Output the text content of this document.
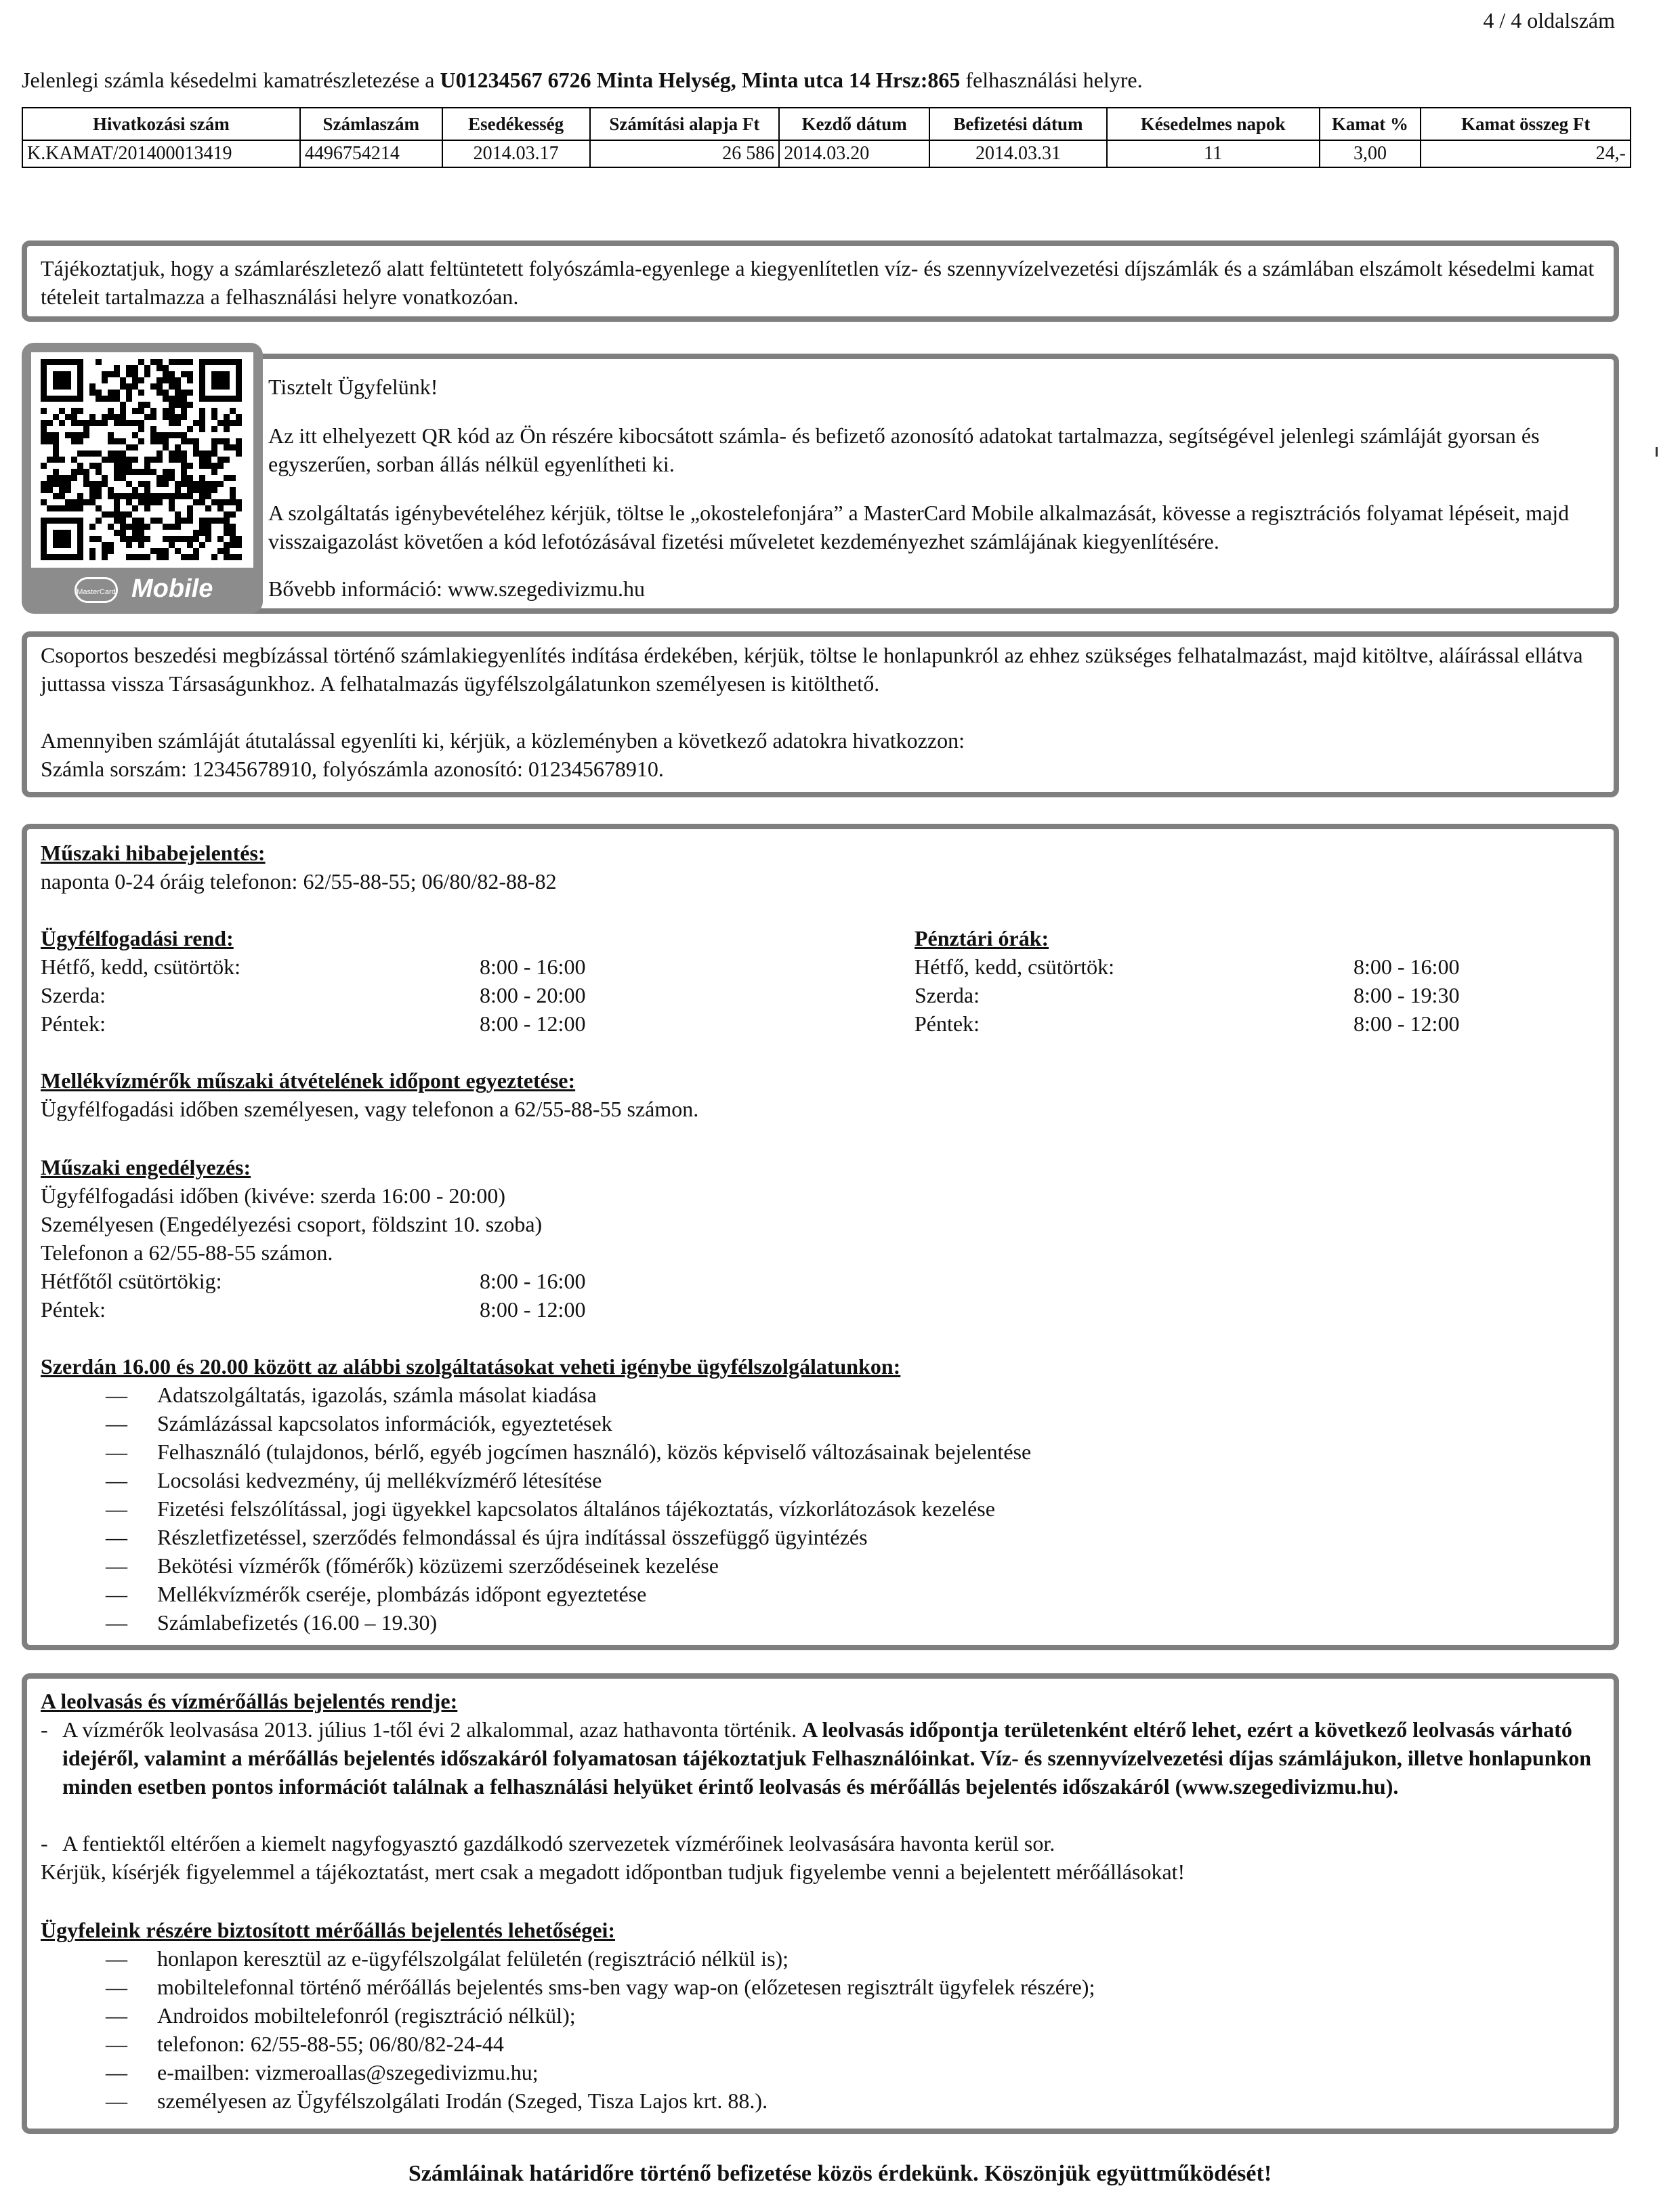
4 / 4 oldalszám
Jelenlegi számla késedelmi kamatrészletezése a U01234567 6726 Minta Helység, Minta utca 14 Hrsz:865 felhasználási helyre.
Hivatkozási szám	Számlaszám	Esedékesség	Számítási alapja Ft	Kezdő dátum	Befizetési dátum	Késedelmes napok	Kamat %	Kamat összeg Ft
K.KAMAT/201400013419	4496754214	2014.03.17	26 586	2014.03.20	2014.03.31	11	3,00	24,-
Tájékoztatjuk, hogy a számlarészletező alatt feltüntetett folyószámla-egyenlege a kiegyenlítetlen víz- és szennyvízelvezetési díjszámlák és a számlában elszámolt késedelmi kamat tételeit tartalmazza a felhasználási helyre vonatkozóan.
Tisztelt Ügyfelünk!
Az itt elhelyezett QR kód az Ön részére kibocsátott számla- és befizető azonosító adatokat tartalmazza, segítségével jelenlegi számláját gyorsan és egyszerűen, sorban állás nélkül egyenlítheti ki.
A szolgáltatás igénybevételéhez kérjük, töltse le „okostelefonjára” a MasterCard Mobile alkalmazását, kövesse a regisztrációs folyamat lépéseit, majd visszaigazolást követően a kód lefotózásával fizetési műveletet kezdeményezhet számlájának kiegyenlítésére.
Bővebb információ: www.szegedivizmu.hu
MasterCard Mobile
Csoportos beszedési megbízással történő számlakiegyenlítés indítása érdekében, kérjük, töltse le honlapunkról az ehhez szükséges felhatalmazást, majd kitöltve, aláírással ellátva juttassa vissza Társaságunkhoz. A felhatalmazás ügyfélszolgálatunkon személyesen is kitölthető.
Amennyiben számláját átutalással egyenlíti ki, kérjük, a közleményben a következő adatokra hivatkozzon:
Számla sorszám: 12345678910, folyószámla azonosító: 012345678910.
Műszaki hibabejelentés:
naponta 0-24 óráig telefonon: 62/55-88-55; 06/80/82-88-82
Ügyfélfogadási rend:
Hétfő, kedd, csütörtök:	8:00 - 16:00
Szerda:	8:00 - 20:00
Péntek:	8:00 - 12:00
Pénztári órák:
Hétfő, kedd, csütörtök:	8:00 - 16:00
Szerda:	8:00 - 19:30
Péntek:	8:00 - 12:00
Mellékvízmérők műszaki átvételének időpont egyeztetése:
Ügyfélfogadási időben személyesen, vagy telefonon a 62/55-88-55 számon.
Műszaki engedélyezés:
Ügyfélfogadási időben (kivéve: szerda 16:00 - 20:00)
Személyesen (Engedélyezési csoport, földszint 10. szoba)
Telefonon a 62/55-88-55 számon.
Hétfőtől csütörtökig:	8:00 - 16:00
Péntek:	8:00 - 12:00
Szerdán 16.00 és 20.00 között az alábbi szolgáltatásokat veheti igénybe ügyfélszolgálatunkon:
— Adatszolgáltatás, igazolás, számla másolat kiadása
— Számlázással kapcsolatos információk, egyeztetések
— Felhasználó (tulajdonos, bérlő, egyéb jogcímen használó), közös képviselő változásainak bejelentése
— Locsolási kedvezmény, új mellékvízmérő létesítése
— Fizetési felszólítással, jogi ügyekkel kapcsolatos általános tájékoztatás, vízkorlátozások kezelése
— Részletfizetéssel, szerződés felmondással és újra indítással összefüggő ügyintézés
— Bekötési vízmérők (főmérők) közüzemi szerződéseinek kezelése
— Mellékvízmérők cseréje, plombázás időpont egyeztetése
— Számlabefizetés (16.00 – 19.30)
A leolvasás és vízmérőállás bejelentés rendje:
- A vízmérők leolvasása 2013. július 1-től évi 2 alkalommal, azaz hathavonta történik. A leolvasás időpontja területenként eltérő lehet, ezért a következő leolvasás várható idejéről, valamint a mérőállás bejelentés időszakáról folyamatosan tájékoztatjuk Felhasználóinkat. Víz- és szennyvízelvezetési díjas számlájukon, illetve honlapunkon minden esetben pontos információt találnak a felhasználási helyüket érintő leolvasás és mérőállás bejelentés időszakáról (www.szegedivizmu.hu).
- A fentiektől eltérően a kiemelt nagyfogyasztó gazdálkodó szervezetek vízmérőinek leolvasására havonta kerül sor.
Kérjük, kísérjék figyelemmel a tájékoztatást, mert csak a megadott időpontban tudjuk figyelembe venni a bejelentett mérőállásokat!
Ügyfeleink részére biztosított mérőállás bejelentés lehetőségei:
— honlapon keresztül az e-ügyfélszolgálat felületén (regisztráció nélkül is);
— mobiltelefonnal történő mérőállás bejelentés sms-ben vagy wap-on (előzetesen regisztrált ügyfelek részére);
— Androidos mobiltelefonról (regisztráció nélkül);
— telefonon: 62/55-88-55; 06/80/82-24-44
— e-mailben: vizmeroallas@szegedivizmu.hu;
— személyesen az Ügyfélszolgálati Irodán (Szeged, Tisza Lajos krt. 88.).
Számláinak határidőre történő befizetése közös érdekünk. Köszönjük együttműködését!
